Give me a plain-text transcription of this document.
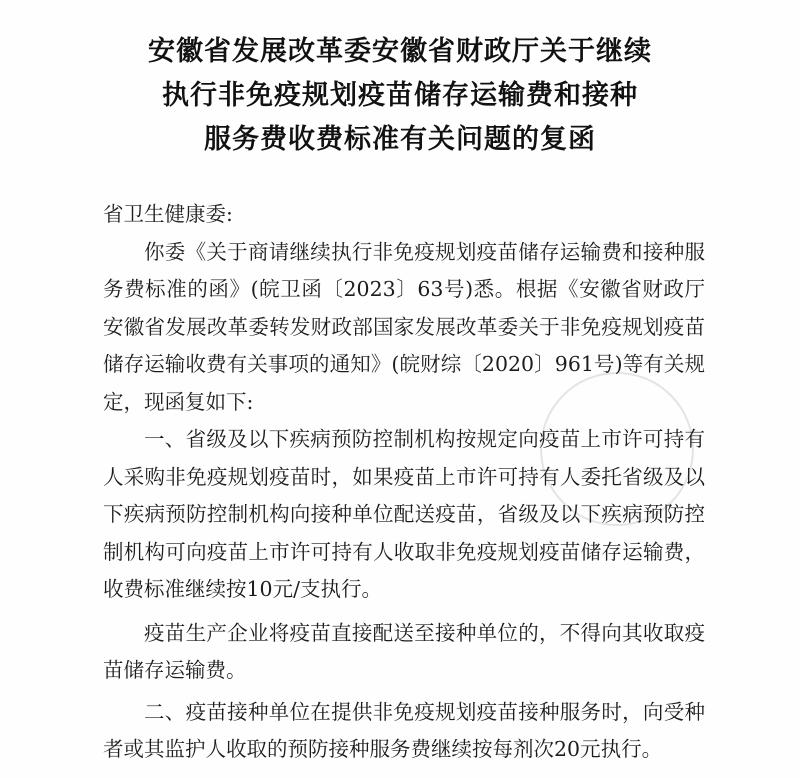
安徽省发展改革委安徽省财政厅关于继续
执行非免疫规划疫苗储存运输费和接种
服务费收费标准有关问题的复函

省卫生健康委:

你委《关于商请继续执行非免疫规划疫苗储存运输费和接种服务费标准的函》(皖卫函〔2023〕63号)悉。根据《安徽省财政厅安徽省发展改革委转发财政部国家发展改革委关于非免疫规划疫苗储存运输收费有关事项的通知》(皖财综〔2020〕961号)等有关规定，现函复如下:

一、省级及以下疾病预防控制机构按规定向疫苗上市许可持有人采购非免疫规划疫苗时，如果疫苗上市许可持有人委托省级及以下疾病预防控制机构向接种单位配送疫苗，省级及以下疾病预防控制机构可向疫苗上市许可持有人收取非免疫规划疫苗储存运输费，收费标准继续按10元/支执行。

疫苗生产企业将疫苗直接配送至接种单位的，不得向其收取疫苗储存运输费。

二、疫苗接种单位在提供非免疫规划疫苗接种服务时，向受种者或其监护人收取的预防接种服务费继续按每剂次20元执行。
